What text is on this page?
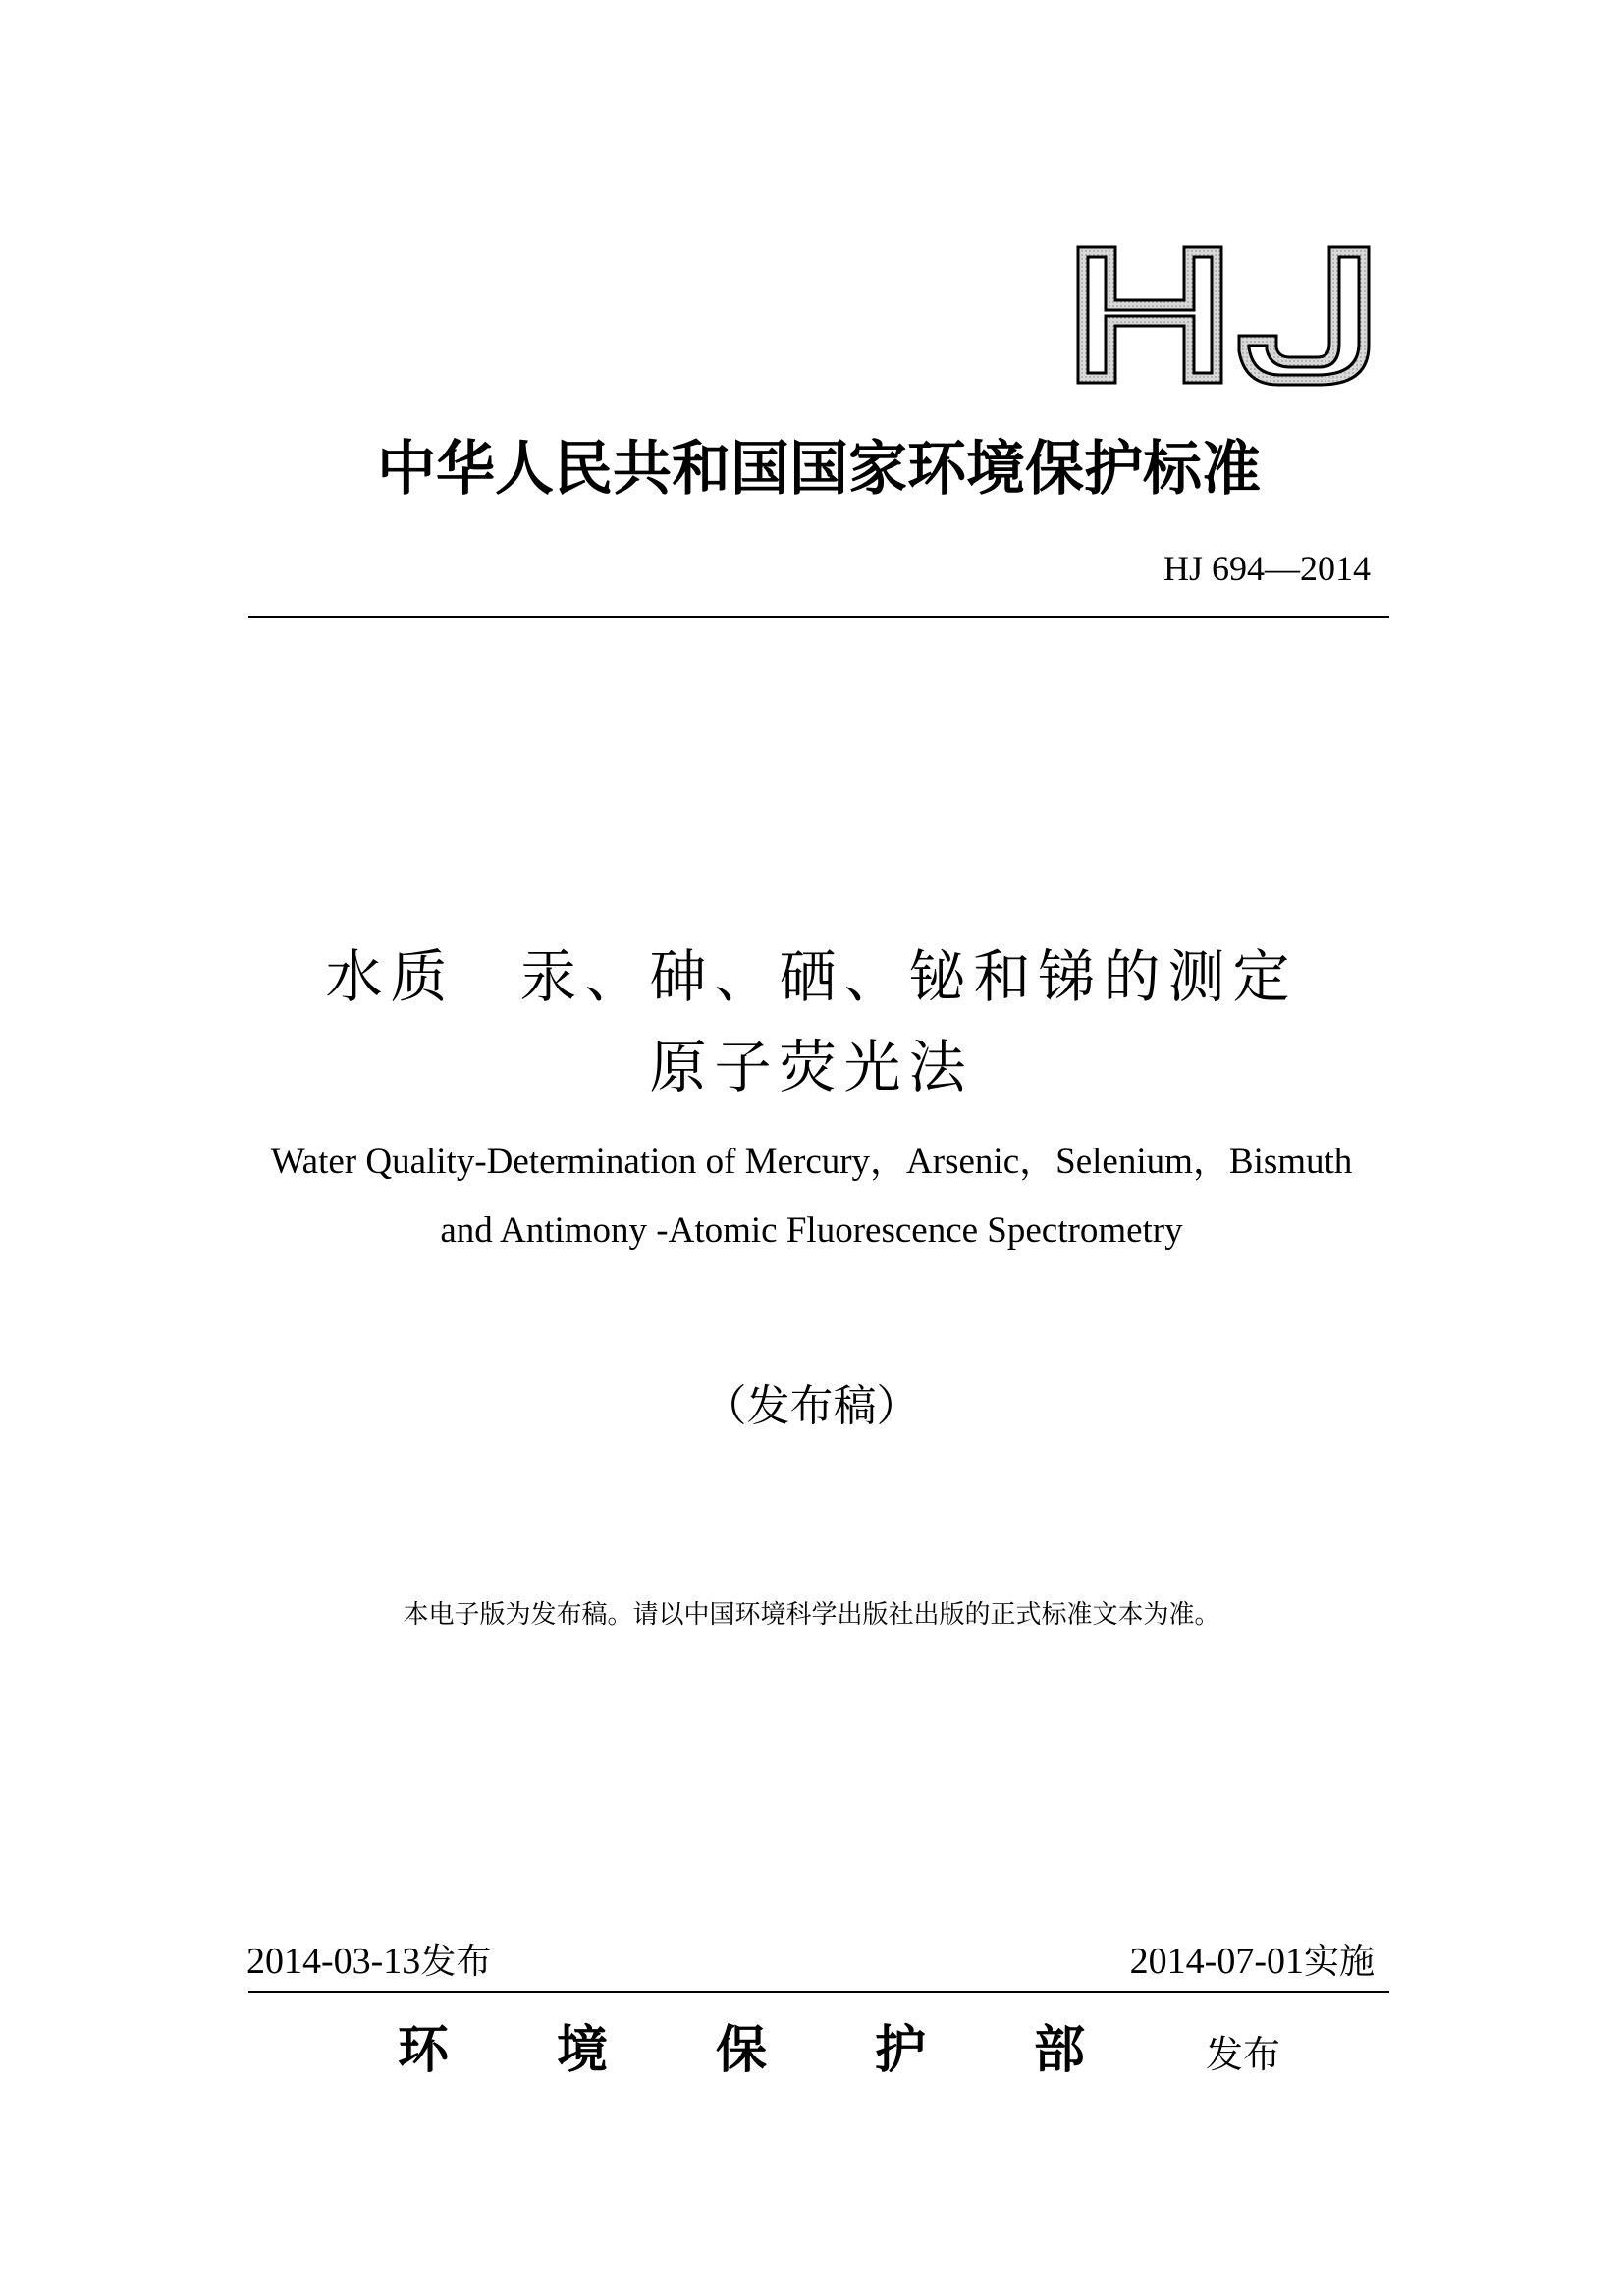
HJ
中华人民共和国国家环境保护标准
HJ 694—2014
水质　汞、砷、硒、铋和锑的测定
原子荧光法
Water Quality-Determination of Mercury，Arsenic，Selenium，Bismuth
and Antimony -Atomic Fluorescence Spectrometry
（发布稿）
本电子版为发布稿。请以中国环境科学出版社出版的正式标准文本为准。
2014-03-13发布	2014-07-01实施
环 境 保 护 部	发布
